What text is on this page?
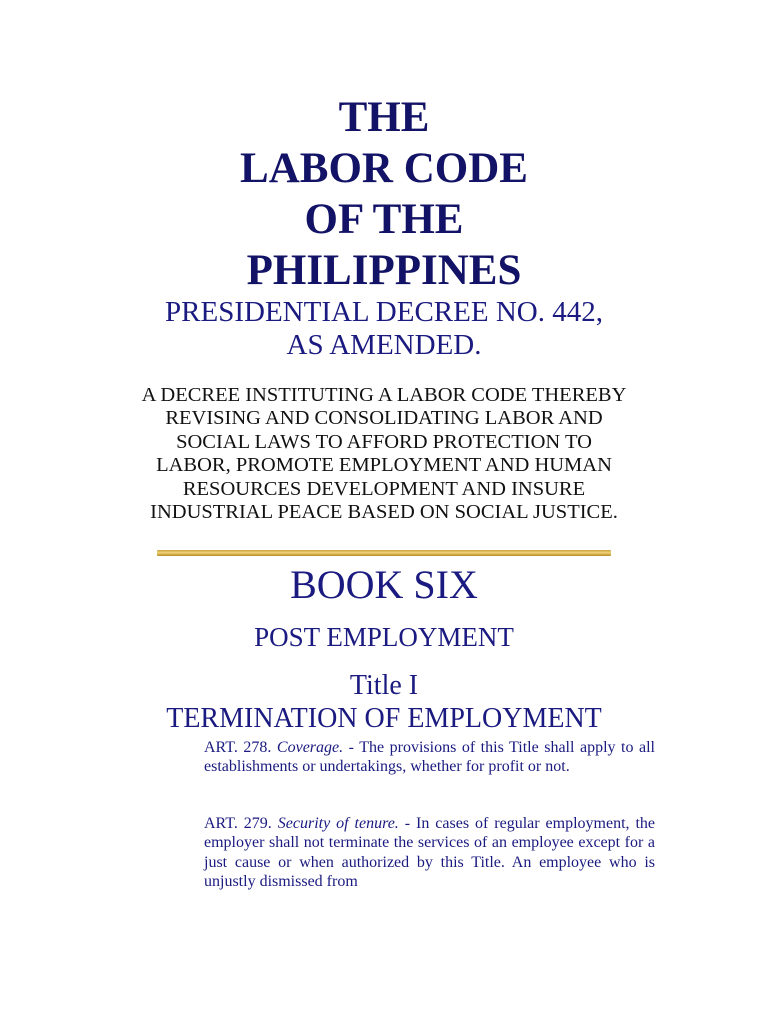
THE
LABOR CODE
OF THE
PHILIPPINES
PRESIDENTIAL DECREE NO. 442,
AS AMENDED.
A DECREE INSTITUTING A LABOR CODE THEREBY
REVISING AND CONSOLIDATING LABOR AND
SOCIAL LAWS TO AFFORD PROTECTION TO
LABOR, PROMOTE EMPLOYMENT AND HUMAN
RESOURCES DEVELOPMENT AND INSURE
INDUSTRIAL PEACE BASED ON SOCIAL JUSTICE.
BOOK SIX
POST EMPLOYMENT
Title I
TERMINATION OF EMPLOYMENT
ART. 278. Coverage. - The provisions of this Title shall apply to all establishments or undertakings, whether for profit or not.
ART. 279. Security of tenure. - In cases of regular employment, the employer shall not terminate the services of an employee except for a just cause or when authorized by this Title. An employee who is unjustly dismissed from
